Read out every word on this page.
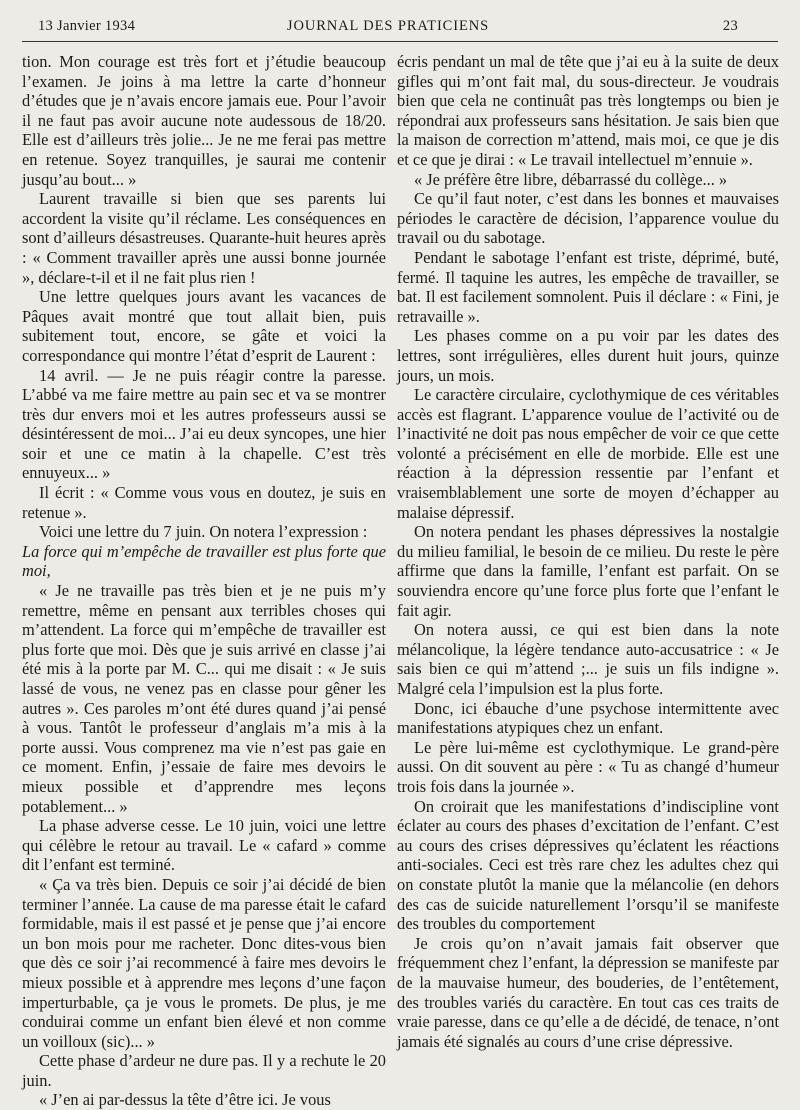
13 Janvier 1934	JOURNAL DES PRATICIENS	23

tion. Mon courage est très fort et j’étudie beaucoup l’examen. Je joins à ma lettre la carte d’honneur d’études que je n’avais encore jamais eue. Pour l’avoir il ne faut pas avoir aucune note audessous de 18/20. Elle est d’ailleurs très jolie... Je ne me ferai pas mettre en retenue. Soyez tranquilles, je saurai me contenir jusqu’au bout... »

Laurent travaille si bien que ses parents lui accordent la visite qu’il réclame. Les conséquences en sont d’ailleurs désastreuses. Quarante-huit heures après : « Comment travailler après une aussi bonne journée », déclare-t-il et il ne fait plus rien !

Une lettre quelques jours avant les vacances de Pâques avait montré que tout allait bien, puis subitement tout, encore, se gâte et voici la correspondance qui montre l’état d’esprit de Laurent :

14 avril. — Je ne puis réagir contre la paresse. L’abbé va me faire mettre au pain sec et va se montrer très dur envers moi et les autres professeurs aussi se désintéressent de moi... J’ai eu deux syncopes, une hier soir et une ce matin à la chapelle. C’est très ennuyeux... »

Il écrit : « Comme vous vous en doutez, je suis en retenue ».

Voici une lettre du 7 juin. On notera l’expression :

La force qui m’empêche de travailler est plus forte que moi,

« Je ne travaille pas très bien et je ne puis m’y remettre, même en pensant aux terribles choses qui m’attendent. La force qui m’empêche de travailler est plus forte que moi. Dès que je suis arrivé en classe j’ai été mis à la porte par M. C... qui me disait : « Je suis lassé de vous, ne venez pas en classe pour gêner les autres ». Ces paroles m’ont été dures quand j’ai pensé à vous. Tantôt le professeur d’anglais m’a mis à la porte aussi. Vous comprenez ma vie n’est pas gaie en ce moment. Enfin, j’essaie de faire mes devoirs le mieux possible et d’apprendre mes leçons potablement... »

La phase adverse cesse. Le 10 juin, voici une lettre qui célèbre le retour au travail. Le « cafard » comme dit l’enfant est terminé.

« Ça va très bien. Depuis ce soir j’ai décidé de bien terminer l’année. La cause de ma paresse était le cafard formidable, mais il est passé et je pense que j’ai encore un bon mois pour me racheter. Donc dites-vous bien que dès ce soir j’ai recommencé à faire mes devoirs le mieux possible et à apprendre mes leçons d’une façon imperturbable, ça je vous le promets. De plus, je me conduirai comme un enfant bien élevé et non comme un voilloux (sic)... »

Cette phase d’ardeur ne dure pas. Il y a rechute le 20 juin.

« J’en ai par-dessus la tête d’être ici. Je vous

écris pendant un mal de tête que j’ai eu à la suite de deux gifles qui m’ont fait mal, du sous-directeur. Je voudrais bien que cela ne continuât pas très longtemps ou bien je répondrai aux professeurs sans hésitation. Je sais bien que la maison de correction m’attend, mais moi, ce que je dis et ce que je dirai : « Le travail intellectuel m’ennuie ».

« Je préfère être libre, débarrassé du collège... »

Ce qu’il faut noter, c’est dans les bonnes et mauvaises périodes le caractère de décision, l’apparence voulue du travail ou du sabotage.

Pendant le sabotage l’enfant est triste, déprimé, buté, fermé. Il taquine les autres, les empêche de travailler, se bat. Il est facilement somnolent. Puis il déclare : « Fini, je retravaille ».

Les phases comme on a pu voir par les dates des lettres, sont irrégulières, elles durent huit jours, quinze jours, un mois.

Le caractère circulaire, cyclothymique de ces véritables accès est flagrant. L’apparence voulue de l’activité ou de l’inactivité ne doit pas nous empêcher de voir ce que cette volonté a précisément en elle de morbide. Elle est une réaction à la dépression ressentie par l’enfant et vraisemblablement une sorte de moyen d’échapper au malaise dépressif.

On notera pendant les phases dépressives la nostalgie du milieu familial, le besoin de ce milieu. Du reste le père affirme que dans la famille, l’enfant est parfait. On se souviendra encore qu’une force plus forte que l’enfant le fait agir.

On notera aussi, ce qui est bien dans la note mélancolique, la légère tendance auto-accusatrice : « Je sais bien ce qui m’attend ;... je suis un fils indigne ». Malgré cela l’impulsion est la plus forte.

Donc, ici ébauche d’une psychose intermittente avec manifestations atypiques chez un enfant.

Le père lui-même est cyclothymique. Le grand-père aussi. On dit souvent au père : « Tu as changé d’humeur trois fois dans la journée ».

On croirait que les manifestations d’indiscipline vont éclater au cours des phases d’excitation de l’enfant. C’est au cours des crises dépressives qu’éclatent les réactions anti-sociales. Ceci est très rare chez les adultes chez qui on constate plutôt la manie que la mélancolie (en dehors des cas de suicide naturellement l’orsqu’il se manifeste des troubles du comportement

Je crois qu’on n’avait jamais fait observer que fréquemment chez l’enfant, la dépression se manifeste par de la mauvaise humeur, des bouderies, de l’entêtement, des troubles variés du caractère. En tout cas ces traits de vraie paresse, dans ce qu’elle a de décidé, de tenace, n’ont jamais été signalés au cours d’une crise dépressive.
